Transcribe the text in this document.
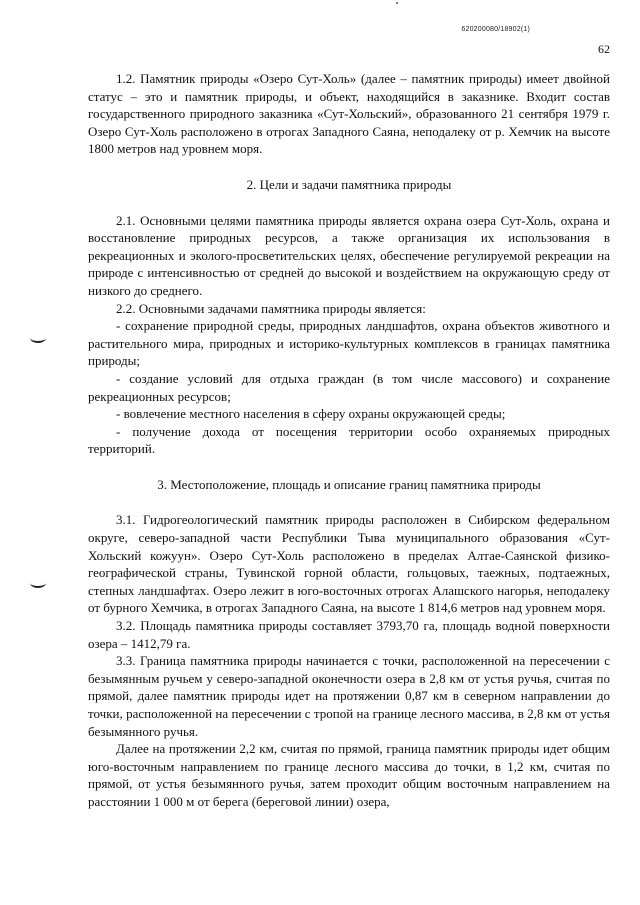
620200080/18902(1)
62

1.2. Памятник природы «Озеро Сут-Холь» (далее – памятник природы) имеет двойной статус – это и памятник природы, и объект, находящийся в заказнике. Входит состав государственного природного заказника «Сут-Хольский», образованного 21 сентября 1979 г. Озеро Сут-Холь расположено в отрогах Западного Саяна, неподалеку от р. Хемчик на высоте 1800 метров над уровнем моря.

2. Цели и задачи памятника природы

2.1. Основными целями памятника природы является охрана озера Сут-Холь, охрана и восстановление природных ресурсов, а также организация их использования в рекреационных и эколого-просветительских целях, обеспечение регулируемой рекреации на природе с интенсивностью от средней до высокой и воздействием на окружающую среду от низкого до среднего.

2.2. Основными задачами памятника природы является:

- сохранение природной среды, природных ландшафтов, охрана объектов животного и растительного мира, природных и историко-культурных комплексов в границах памятника природы;

- создание условий для отдыха граждан (в том числе массового) и сохранение рекреационных ресурсов;

- вовлечение местного населения в сферу охраны окружающей среды;

- получение дохода от посещения территории особо охраняемых природных территорий.

3. Местоположение, площадь и описание границ памятника природы

3.1. Гидрогеологический памятник природы расположен в Сибирском федеральном округе, северо-западной части Республики Тыва муниципального образования «Сут-Хольский кожуун». Озеро Сут-Холь расположено в пределах Алтае-Саянской физико-географической страны, Тувинской горной области, гольцовых, таежных, подтаежных, степных ландшафтах. Озеро лежит в юго-восточных отрогах Алашского нагорья, неподалеку от бурного Хемчика, в отрогах Западного Саяна, на высоте 1 814,6 метров над уровнем моря.

3.2. Площадь памятника природы составляет 3793,70 га, площадь водной поверхности озера – 1412,79 га.

3.3. Граница памятника природы начинается с точки, расположенной на пересечении с безымянным ручьем у северо-западной оконечности озера в 2,8 км от устья ручья, считая по прямой, далее памятник природы идет на протяжении 0,87 км в северном направлении до точки, расположенной на пересечении с тропой на границе лесного массива, в 2,8 км от устья безымянного ручья.

Далее на протяжении 2,2 км, считая по прямой, граница памятник природы идет общим юго-восточным направлением по границе лесного массива до точки, в 1,2 км, считая по прямой, от устья безымянного ручья, затем проходит общим восточным направлением на расстоянии 1 000 м от берега (береговой линии) озера,
